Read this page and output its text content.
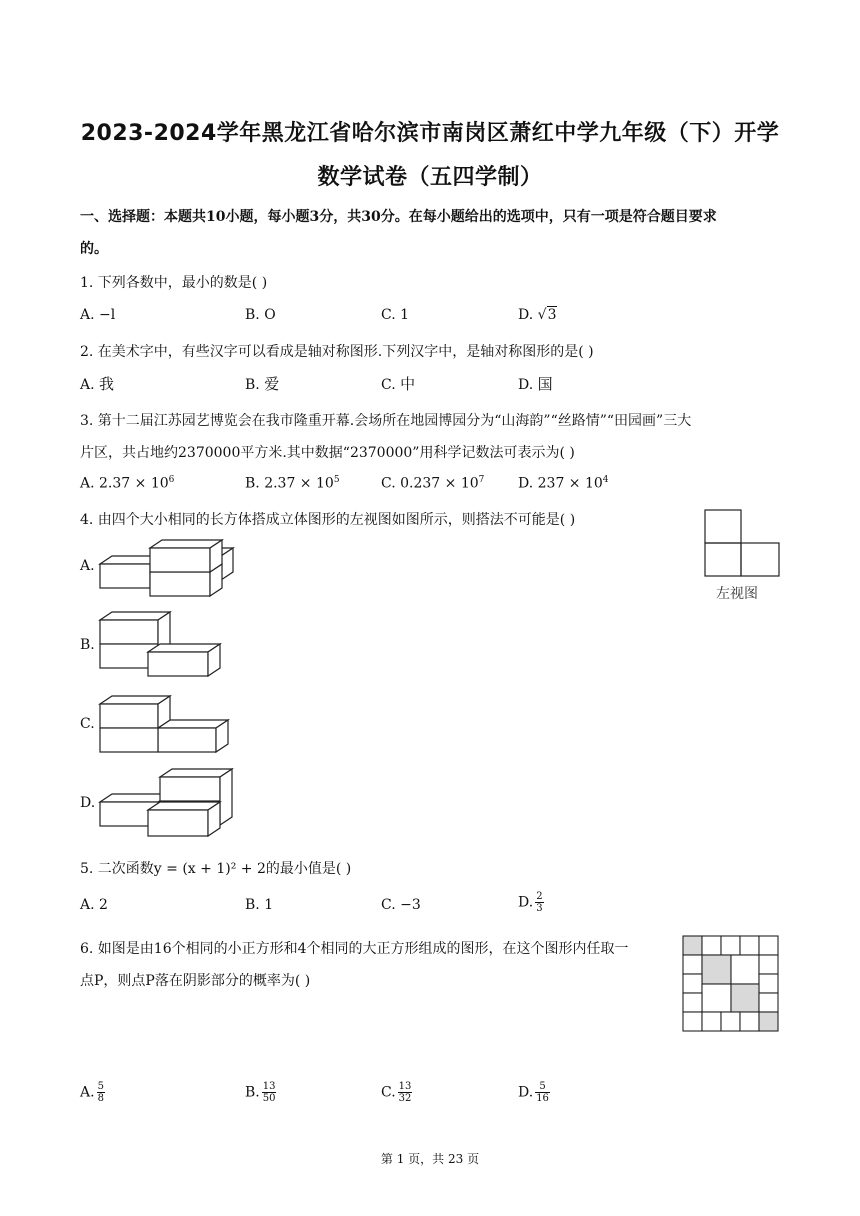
2023-2024学年黑龙江省哈尔滨市南岗区萧红中学九年级（下）开学
数学试卷（五四学制）
一、选择题：本题共10小题，每小题3分，共30分。在每小题给出的选项中，只有一项是符合题目要求
的。
1. 下列各数中，最小的数是( )
A. −l	B. O	C. 1	D. √3
2. 在美术字中，有些汉字可以看成是轴对称图形.下列汉字中，是轴对称图形的是( )
A. 我	B. 爱	C. 中	D. 国
3. 第十二届江苏园艺博览会在我市隆重开幕.会场所在地园博园分为“山海韵”“丝路情”“田园画”三大
片区，共占地约2370000平方米.其中数据“2370000”用科学记数法可表示为( )
A. $2.37 \times 10^6$	B. $2.37 \times 10^5$	C. $0.237 \times 10^7$ D. $237 \times 10^4$
4. 由四个大小相同的长方体搭成立体图形的左视图如图所示，则搭法不可能是( )
左视图
A.
B.
C.
D.
5. 二次函数y = (x + 1)² + 2的最小值是( )
A. 2	B. 1	C. −3	D. $\frac{2}{3}$
6. 如图是由16个相同的小正方形和4个相同的大正方形组成的图形，在这个图形内任取一
点P，则点P落在阴影部分的概率为( )
A. $\frac{5}{8}$	B. $\frac{13}{50}$	C. $\frac{13}{32}$	D. $\frac{5}{16}$
第 1 页，共 23 页
